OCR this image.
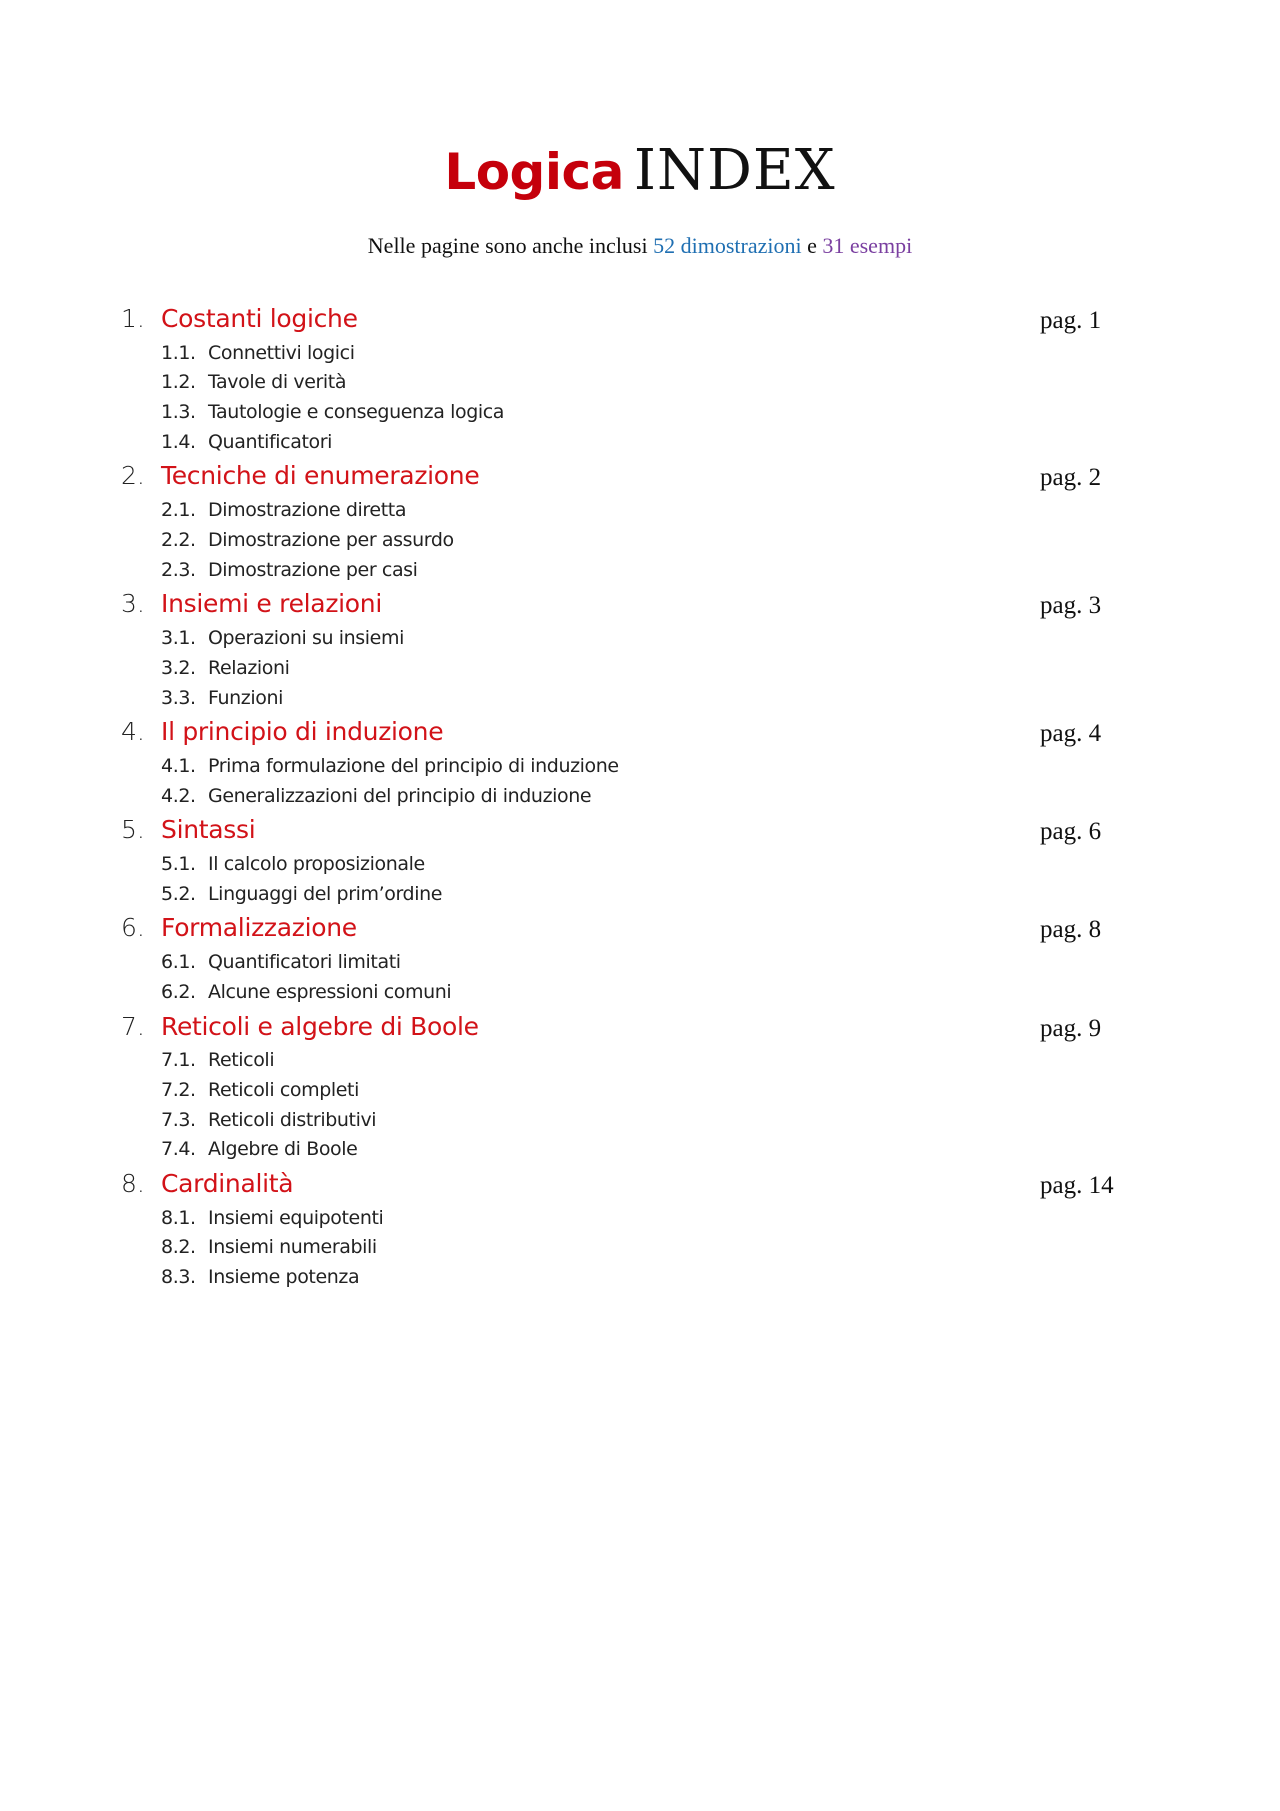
Logica INDEX
Nelle pagine sono anche inclusi 52 dimostrazioni e 31 esempi
1. Costanti logiche	pag. 1
1.1. Connettivi logici
1.2. Tavole di verità
1.3. Tautologie e conseguenza logica
1.4. Quantificatori
2. Tecniche di enumerazione	pag. 2
2.1. Dimostrazione diretta
2.2. Dimostrazione per assurdo
2.3. Dimostrazione per casi
3. Insiemi e relazioni	pag. 3
3.1. Operazioni su insiemi
3.2. Relazioni
3.3. Funzioni
4. Il principio di induzione	pag. 4
4.1. Prima formulazione del principio di induzione
4.2. Generalizzazioni del principio di induzione
5. Sintassi	pag. 6
5.1. Il calcolo proposizionale
5.2. Linguaggi del prim’ordine
6. Formalizzazione	pag. 8
6.1. Quantificatori limitati
6.2. Alcune espressioni comuni
7. Reticoli e algebre di Boole	pag. 9
7.1. Reticoli
7.2. Reticoli completi
7.3. Reticoli distributivi
7.4. Algebre di Boole
8. Cardinalità	pag. 14
8.1. Insiemi equipotenti
8.2. Insiemi numerabili
8.3. Insieme potenza
